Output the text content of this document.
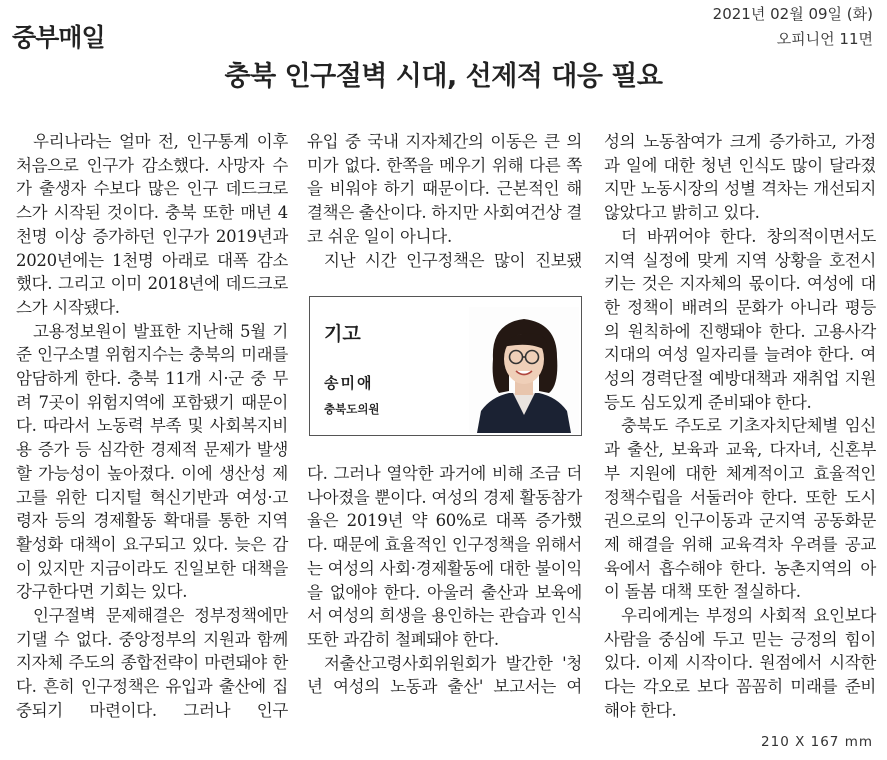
중부매일
2021년 02월 09일 (화)
오피니언 11면
충북 인구절벽 시대, 선제적 대응 필요

우리나라는 얼마 전, 인구통계 이후 처음으로 인구가 감소했다. 사망자 수가 출생자 수보다 많은 인구 데드크로스가 시작된 것이다. 충북 또한 매년 4천명 이상 증가하던 인구가 2019년과 2020년에는 1천명 아래로 대폭 감소했다. 그리고 이미 2018년에 데드크로스가 시작됐다.

고용정보원이 발표한 지난해 5월 기준 인구소멸 위험지수는 충북의 미래를 암담하게 한다. 충북 11개 시·군 중 무려 7곳이 위험지역에 포함됐기 때문이다. 따라서 노동력 부족 및 사회복지비용 증가 등 심각한 경제적 문제가 발생할 가능성이 높아졌다. 이에 생산성 제고를 위한 디지털 혁신기반과 여성·고령자 등의 경제활동 확대를 통한 지역 활성화 대책이 요구되고 있다. 늦은 감이 있지만 지금이라도 진일보한 대책을 강구한다면 기회는 있다.

인구절벽 문제해결은 정부정책에만 기댈 수 없다. 중앙정부의 지원과 함께 지자체 주도의 종합전략이 마련돼야 한다. 흔히 인구정책은 유입과 출산에 집중되기 마련이다. 그러나 인구

유입 중 국내 지자체간의 이동은 큰 의미가 없다. 한쪽을 메우기 위해 다른 쪽을 비워야 하기 때문이다. 근본적인 해결책은 출산이다. 하지만 사회여건상 결코 쉬운 일이 아니다.

지난 시간 인구정책은 많이 진보됐

기고
송미애
충북도의원

다. 그러나 열악한 과거에 비해 조금 더 나아졌을 뿐이다. 여성의 경제 활동참가율은 2019년 약 60%로 대폭 증가했다. 때문에 효율적인 인구정책을 위해서는 여성의 사회·경제활동에 대한 불이익을 없애야 한다. 아울러 출산과 보육에서 여성의 희생을 용인하는 관습과 인식 또한 과감히 철폐돼야 한다.

저출산고령사회위원회가 발간한 '청년 여성의 노동과 출산' 보고서는 여

성의 노동참여가 크게 증가하고, 가정과 일에 대한 청년 인식도 많이 달라졌지만 노동시장의 성별 격차는 개선되지 않았다고 밝히고 있다.

더 바뀌어야 한다. 창의적이면서도 지역 실정에 맞게 지역 상황을 호전시키는 것은 지자체의 몫이다. 여성에 대한 정책이 배려의 문화가 아니라 평등의 원칙하에 진행돼야 한다. 고용사각지대의 여성 일자리를 늘려야 한다. 여성의 경력단절 예방대책과 재취업 지원 등도 심도있게 준비돼야 한다.

충북도 주도로 기초자치단체별 임신과 출산, 보육과 교육, 다자녀, 신혼부부 지원에 대한 체계적이고 효율적인 정책수립을 서둘러야 한다. 또한 도시권으로의 인구이동과 군지역 공동화문제 해결을 위해 교육격차 우려를 공교육에서 흡수해야 한다. 농촌지역의 아이 돌봄 대책 또한 절실하다.

우리에게는 부정의 사회적 요인보다 사람을 중심에 두고 믿는 긍정의 힘이 있다. 이제 시작이다. 원점에서 시작한다는 각오로 보다 꼼꼼히 미래를 준비해야 한다.

210 X 167 mm
